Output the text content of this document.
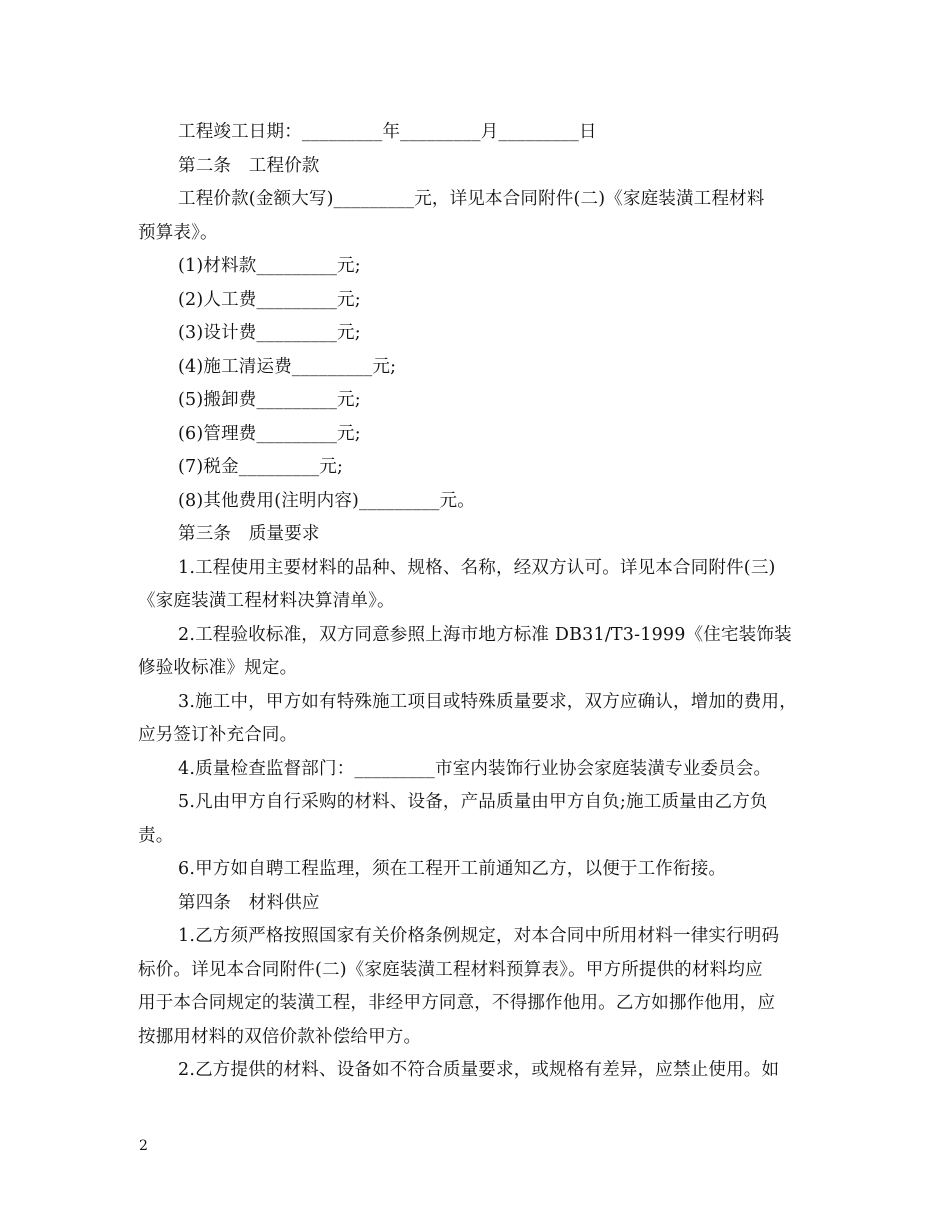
工程竣工日期：_________年_________月_________日
第二条　工程价款
工程价款(金额大写)_________元，详见本合同附件(二)《家庭装潢工程材料
预算表》。
(1)材料款_________元;
(2)人工费_________元;
(3)设计费_________元;
(4)施工清运费_________元;
(5)搬卸费_________元;
(6)管理费_________元;
(7)税金_________元;
(8)其他费用(注明内容)_________元。
第三条　质量要求
1.工程使用主要材料的品种、规格、名称，经双方认可。详见本合同附件(三)
《家庭装潢工程材料决算清单》。
2.工程验收标准，双方同意参照上海市地方标准 DB31/T3-1999《住宅装饰装
修验收标准》规定。
3.施工中，甲方如有特殊施工项目或特殊质量要求，双方应确认，增加的费用，
应另签订补充合同。
4.质量检查监督部门：_________市室内装饰行业协会家庭装潢专业委员会。
5.凡由甲方自行采购的材料、设备，产品质量由甲方自负;施工质量由乙方负
责。
6.甲方如自聘工程监理，须在工程开工前通知乙方，以便于工作衔接。
第四条　材料供应
1.乙方须严格按照国家有关价格条例规定，对本合同中所用材料一律实行明码
标价。详见本合同附件(二)《家庭装潢工程材料预算表》。甲方所提供的材料均应
用于本合同规定的装潢工程，非经甲方同意，不得挪作他用。乙方如挪作他用，应
按挪用材料的双倍价款补偿给甲方。
2.乙方提供的材料、设备如不符合质量要求，或规格有差异，应禁止使用。如
2
